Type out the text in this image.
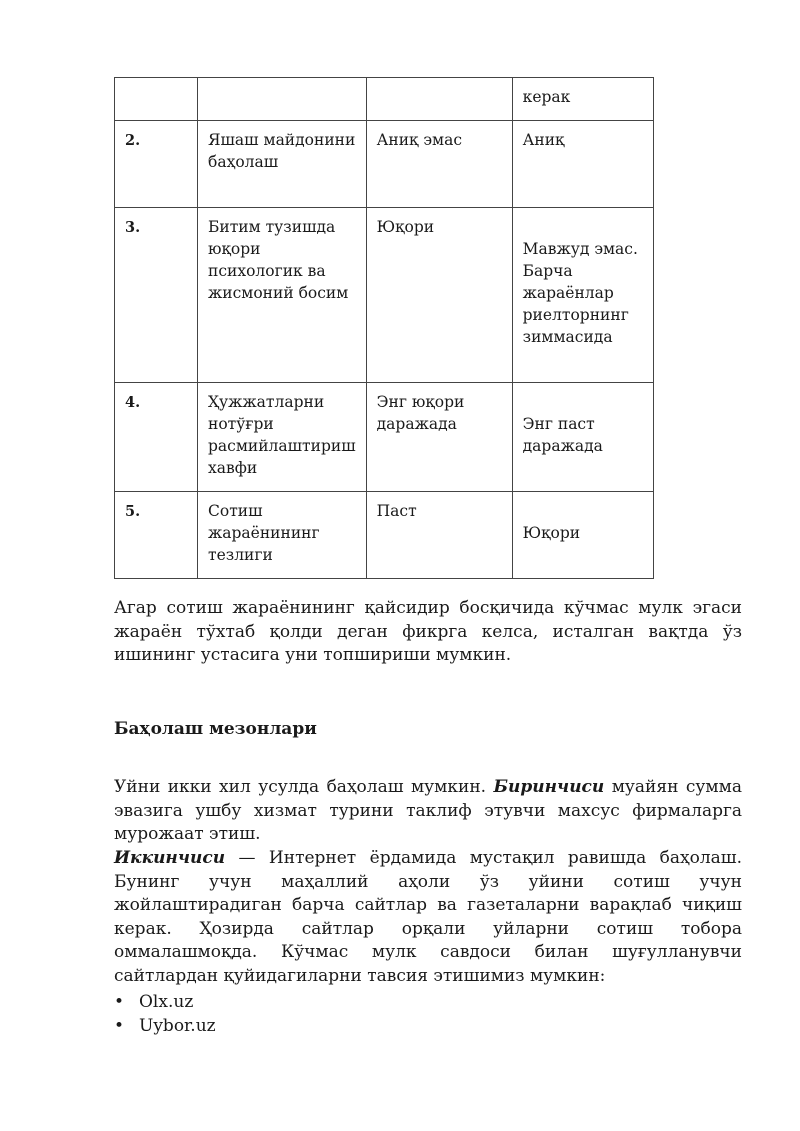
			керак

2.	Яшаш майдонини баҳолаш	Аниқ эмас	Аниқ

3.	Битим тузишда юқори психологик ва жисмоний босим	Юқори	Мавжуд эмас. Барча жараёнлар риелторнинг зиммасида

4.	Ҳужжатларни нотўғри расмийлаштириш хавфи	Энг юқори даражада	Энг паст даражада

5.	Сотиш жараёнининг тезлиги	Паст	Юқори

Агар сотиш жараёнининг қайсидир босқичида кўчмас мулк эгаси жараён тўхтаб қолди деган фикрга келса, исталган вақтда ўз ишининг устасига уни топшириши мумкин.

Баҳолаш мезонлари

Уйни икки хил усулда баҳолаш мумкин. Биринчиси муайян сумма эвазига ушбу хизмат турини таклиф этувчи махсус фирмаларга мурожаат этиш.

Иккинчиси — Интернет ёрдамида мустақил равишда баҳолаш. Бунинг учун маҳаллий аҳоли ўз уйини сотиш учун жойлаштирадиган барча сайтлар ва газеталарни варақлаб чиқиш керак. Ҳозирда сайтлар орқали уйларни сотиш тобора оммалашмоқда. Кўчмас мулк савдоси билан шуғулланувчи сайтлардан қуйидагиларни тавсия этишимиз мумкин:

• Olx.uz
• Uybor.uz
